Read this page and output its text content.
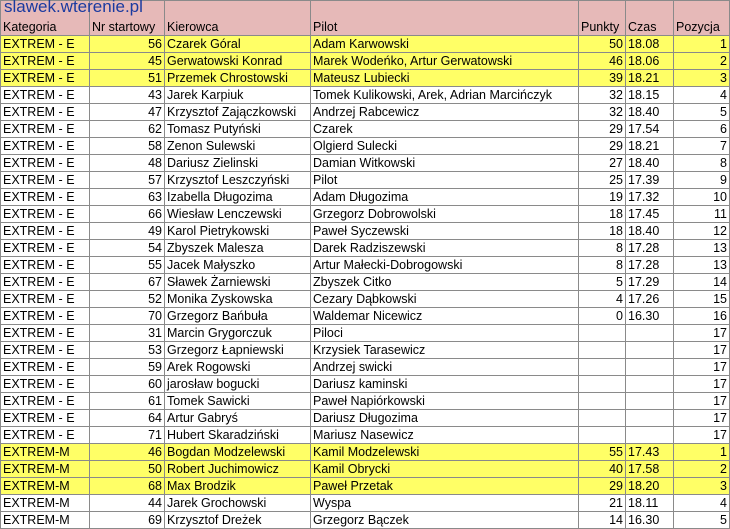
slawek.wterenie.pl
Kategoria	Nr startowy	Kierowca	Pilot	Punkty	Czas	Pozycja
EXTREM - E	56	Czarek Góral	Adam Karwowski	50	18.08	1
EXTREM - E	45	Gerwatowski Konrad	Marek Wodeńko, Artur Gerwatowski	46	18.06	2
EXTREM - E	51	Przemek Chrostowski	Mateusz Lubiecki	39	18.21	3
EXTREM - E	43	Jarek Karpiuk	Tomek Kulikowski, Arek, Adrian Marcińczyk	32	18.15	4
EXTREM - E	47	Krzysztof Zajączkowski	Andrzej Rabcewicz	32	18.40	5
EXTREM - E	62	Tomasz Putyński	Czarek	29	17.54	6
EXTREM - E	58	Zenon Sulewski	Olgierd Sulecki	29	18.21	7
EXTREM - E	48	Dariusz Zielinski	Damian Witkowski	27	18.40	8
EXTREM - E	57	Krzysztof Leszczyński	Pilot	25	17.39	9
EXTREM - E	63	Izabella Długozima	Adam Długozima	19	17.32	10
EXTREM - E	66	Wiesław Lenczewski	Grzegorz Dobrowolski	18	17.45	11
EXTREM - E	49	Karol Pietrykowski	Paweł Syczewski	18	18.40	12
EXTREM - E	54	Zbyszek Malesza	Darek Radziszewski	8	17.28	13
EXTREM - E	55	Jacek Małyszko	Artur Małecki-Dobrogowski	8	17.28	13
EXTREM - E	67	Sławek Żarniewski	Zbyszek Citko	5	17.29	14
EXTREM - E	52	Monika Zyskowska	Cezary Dąbkowski	4	17.26	15
EXTREM - E	70	Grzegorz Bańbuła	Waldemar Nicewicz	0	16.30	16
EXTREM - E	31	Marcin Grygorczuk	Piloci			17
EXTREM - E	53	Grzegorz Łapniewski	Krzysiek Tarasewicz			17
EXTREM - E	59	Arek Rogowski	Andrzej swicki			17
EXTREM - E	60	jarosław bogucki	Dariusz kaminski			17
EXTREM - E	61	Tomek Sawicki	Paweł Napiórkowski			17
EXTREM - E	64	Artur Gabryś	Dariusz Długozima			17
EXTREM - E	71	Hubert Skaradziński	Mariusz Nasewicz			17
EXTREM-M	46	Bogdan Modzelewski	Kamil Modzelewski	55	17.43	1
EXTREM-M	50	Robert Juchimowicz	Kamil Obrycki	40	17.58	2
EXTREM-M	68	Max Brodzik	Paweł Przetak	29	18.20	3
EXTREM-M	44	Jarek Grochowski	Wyspa	21	18.11	4
EXTREM-M	69	Krzysztof Dreżek	Grzegorz Bączek	14	16.30	5
